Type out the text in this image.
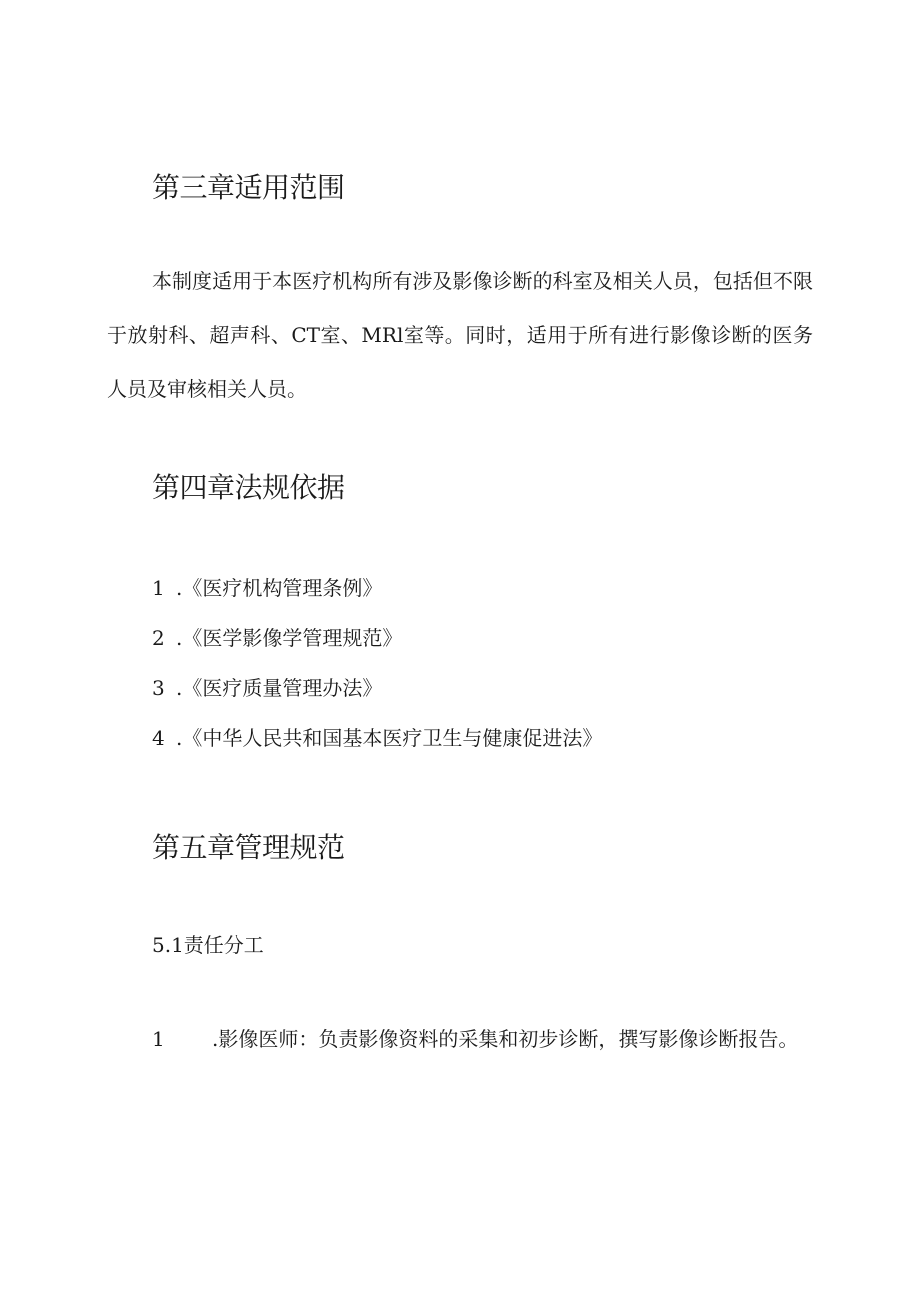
第三章适用范围

本制度适用于本医疗机构所有涉及影像诊断的科室及相关人员，包括但不限于放射科、超声科、CT室、MRl室等。同时，适用于所有进行影像诊断的医务人员及审核相关人员。

第四章法规依据

1 .《医疗机构管理条例》

2 .《医学影像学管理规范》

3 .《医疗质量管理办法》

4 .《中华人民共和国基本医疗卫生与健康促进法》

第五章管理规范

5.1责任分工

1 .影像医师：负责影像资料的采集和初步诊断，撰写影像诊断报告。
